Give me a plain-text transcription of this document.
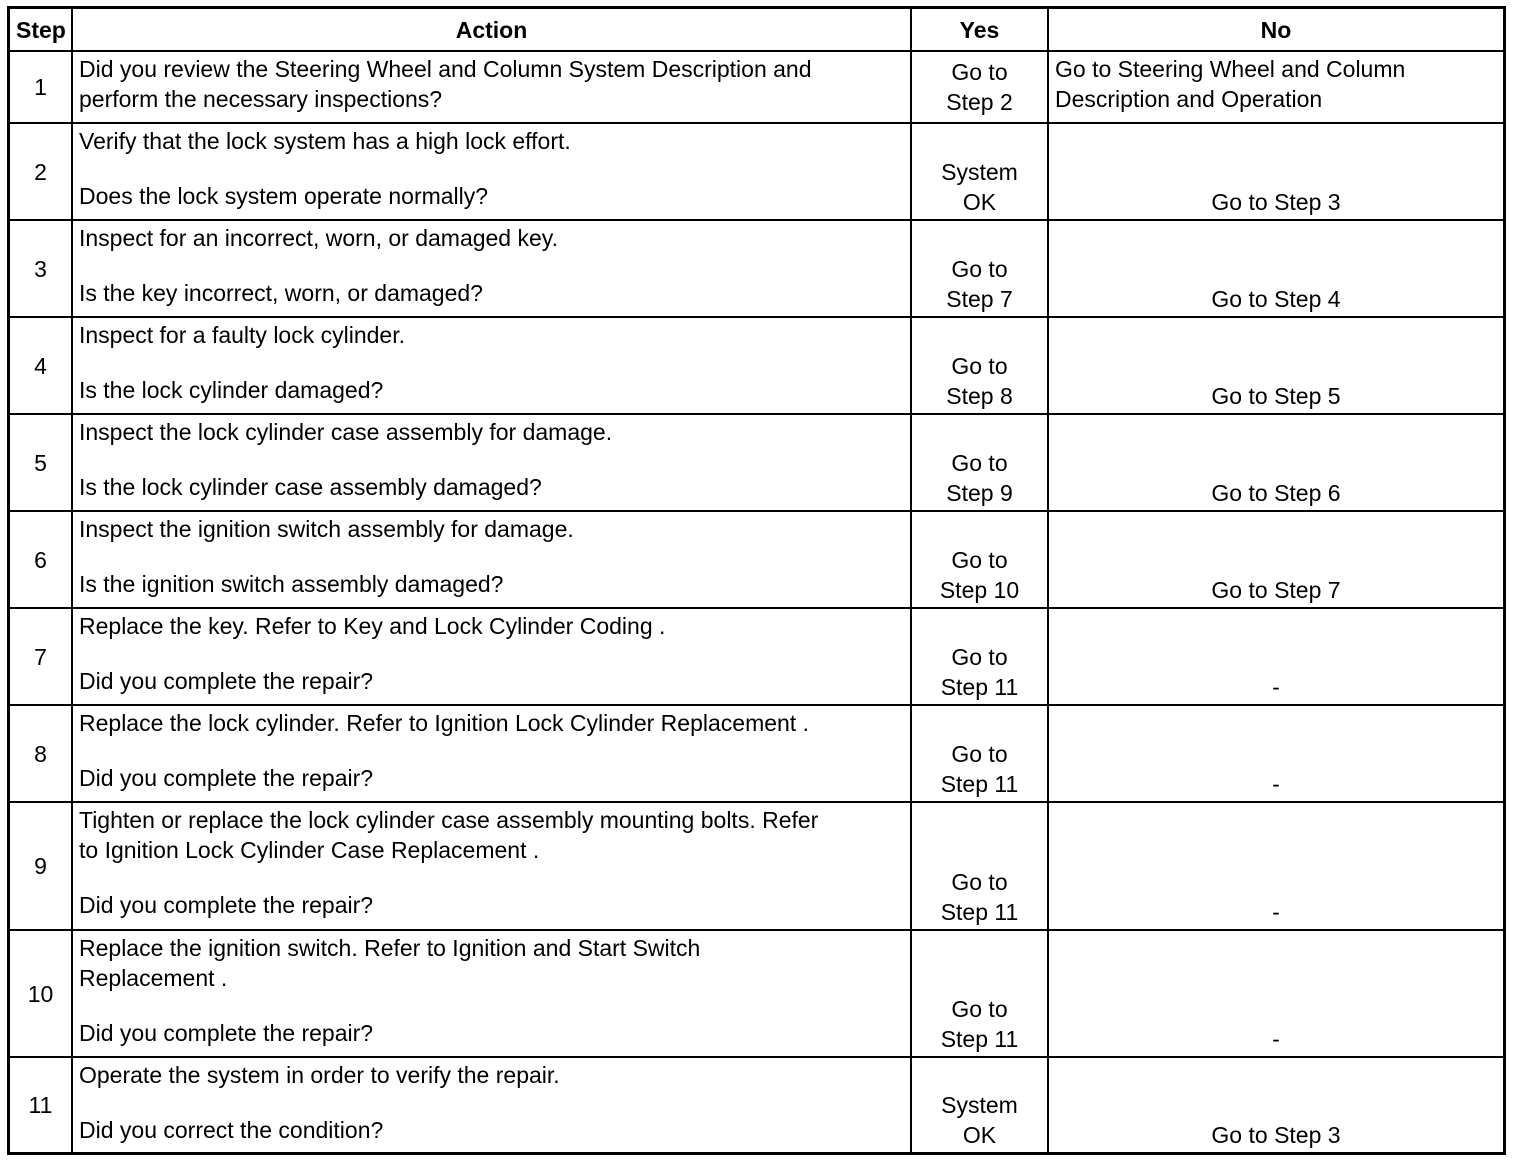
Step	Action	Yes	No
1	Did you review the Steering Wheel and Column System Description and
perform the necessary inspections?	Go to
Step 2	Go to Steering Wheel and Column
Description and Operation

2	Verify that the lock system has a high lock effort.
Does the lock system operate normally?	System
OK	Go to Step 3

3	Inspect for an incorrect, worn, or damaged key.
Is the key incorrect, worn, or damaged?	Go to
Step 7	Go to Step 4

4	Inspect for a faulty lock cylinder.
Is the lock cylinder damaged?	Go to
Step 8	Go to Step 5

5	Inspect the lock cylinder case assembly for damage.
Is the lock cylinder case assembly damaged?	Go to
Step 9	Go to Step 6

6	Inspect the ignition switch assembly for damage.
Is the ignition switch assembly damaged?	Go to
Step 10	Go to Step 7

7	Replace the key. Refer to Key and Lock Cylinder Coding .
Did you complete the repair?	Go to
Step 11	-

8	Replace the lock cylinder. Refer to Ignition Lock Cylinder Replacement .
Did you complete the repair?	Go to
Step 11	-

9	Tighten or replace the lock cylinder case assembly mounting bolts. Refer
to Ignition Lock Cylinder Case Replacement .
Did you complete the repair?	Go to
Step 11	-

10	Replace the ignition switch. Refer to Ignition and Start Switch
Replacement .
Did you complete the repair?	Go to
Step 11	-

11	Operate the system in order to verify the repair.
Did you correct the condition?	System
OK	Go to Step 3
